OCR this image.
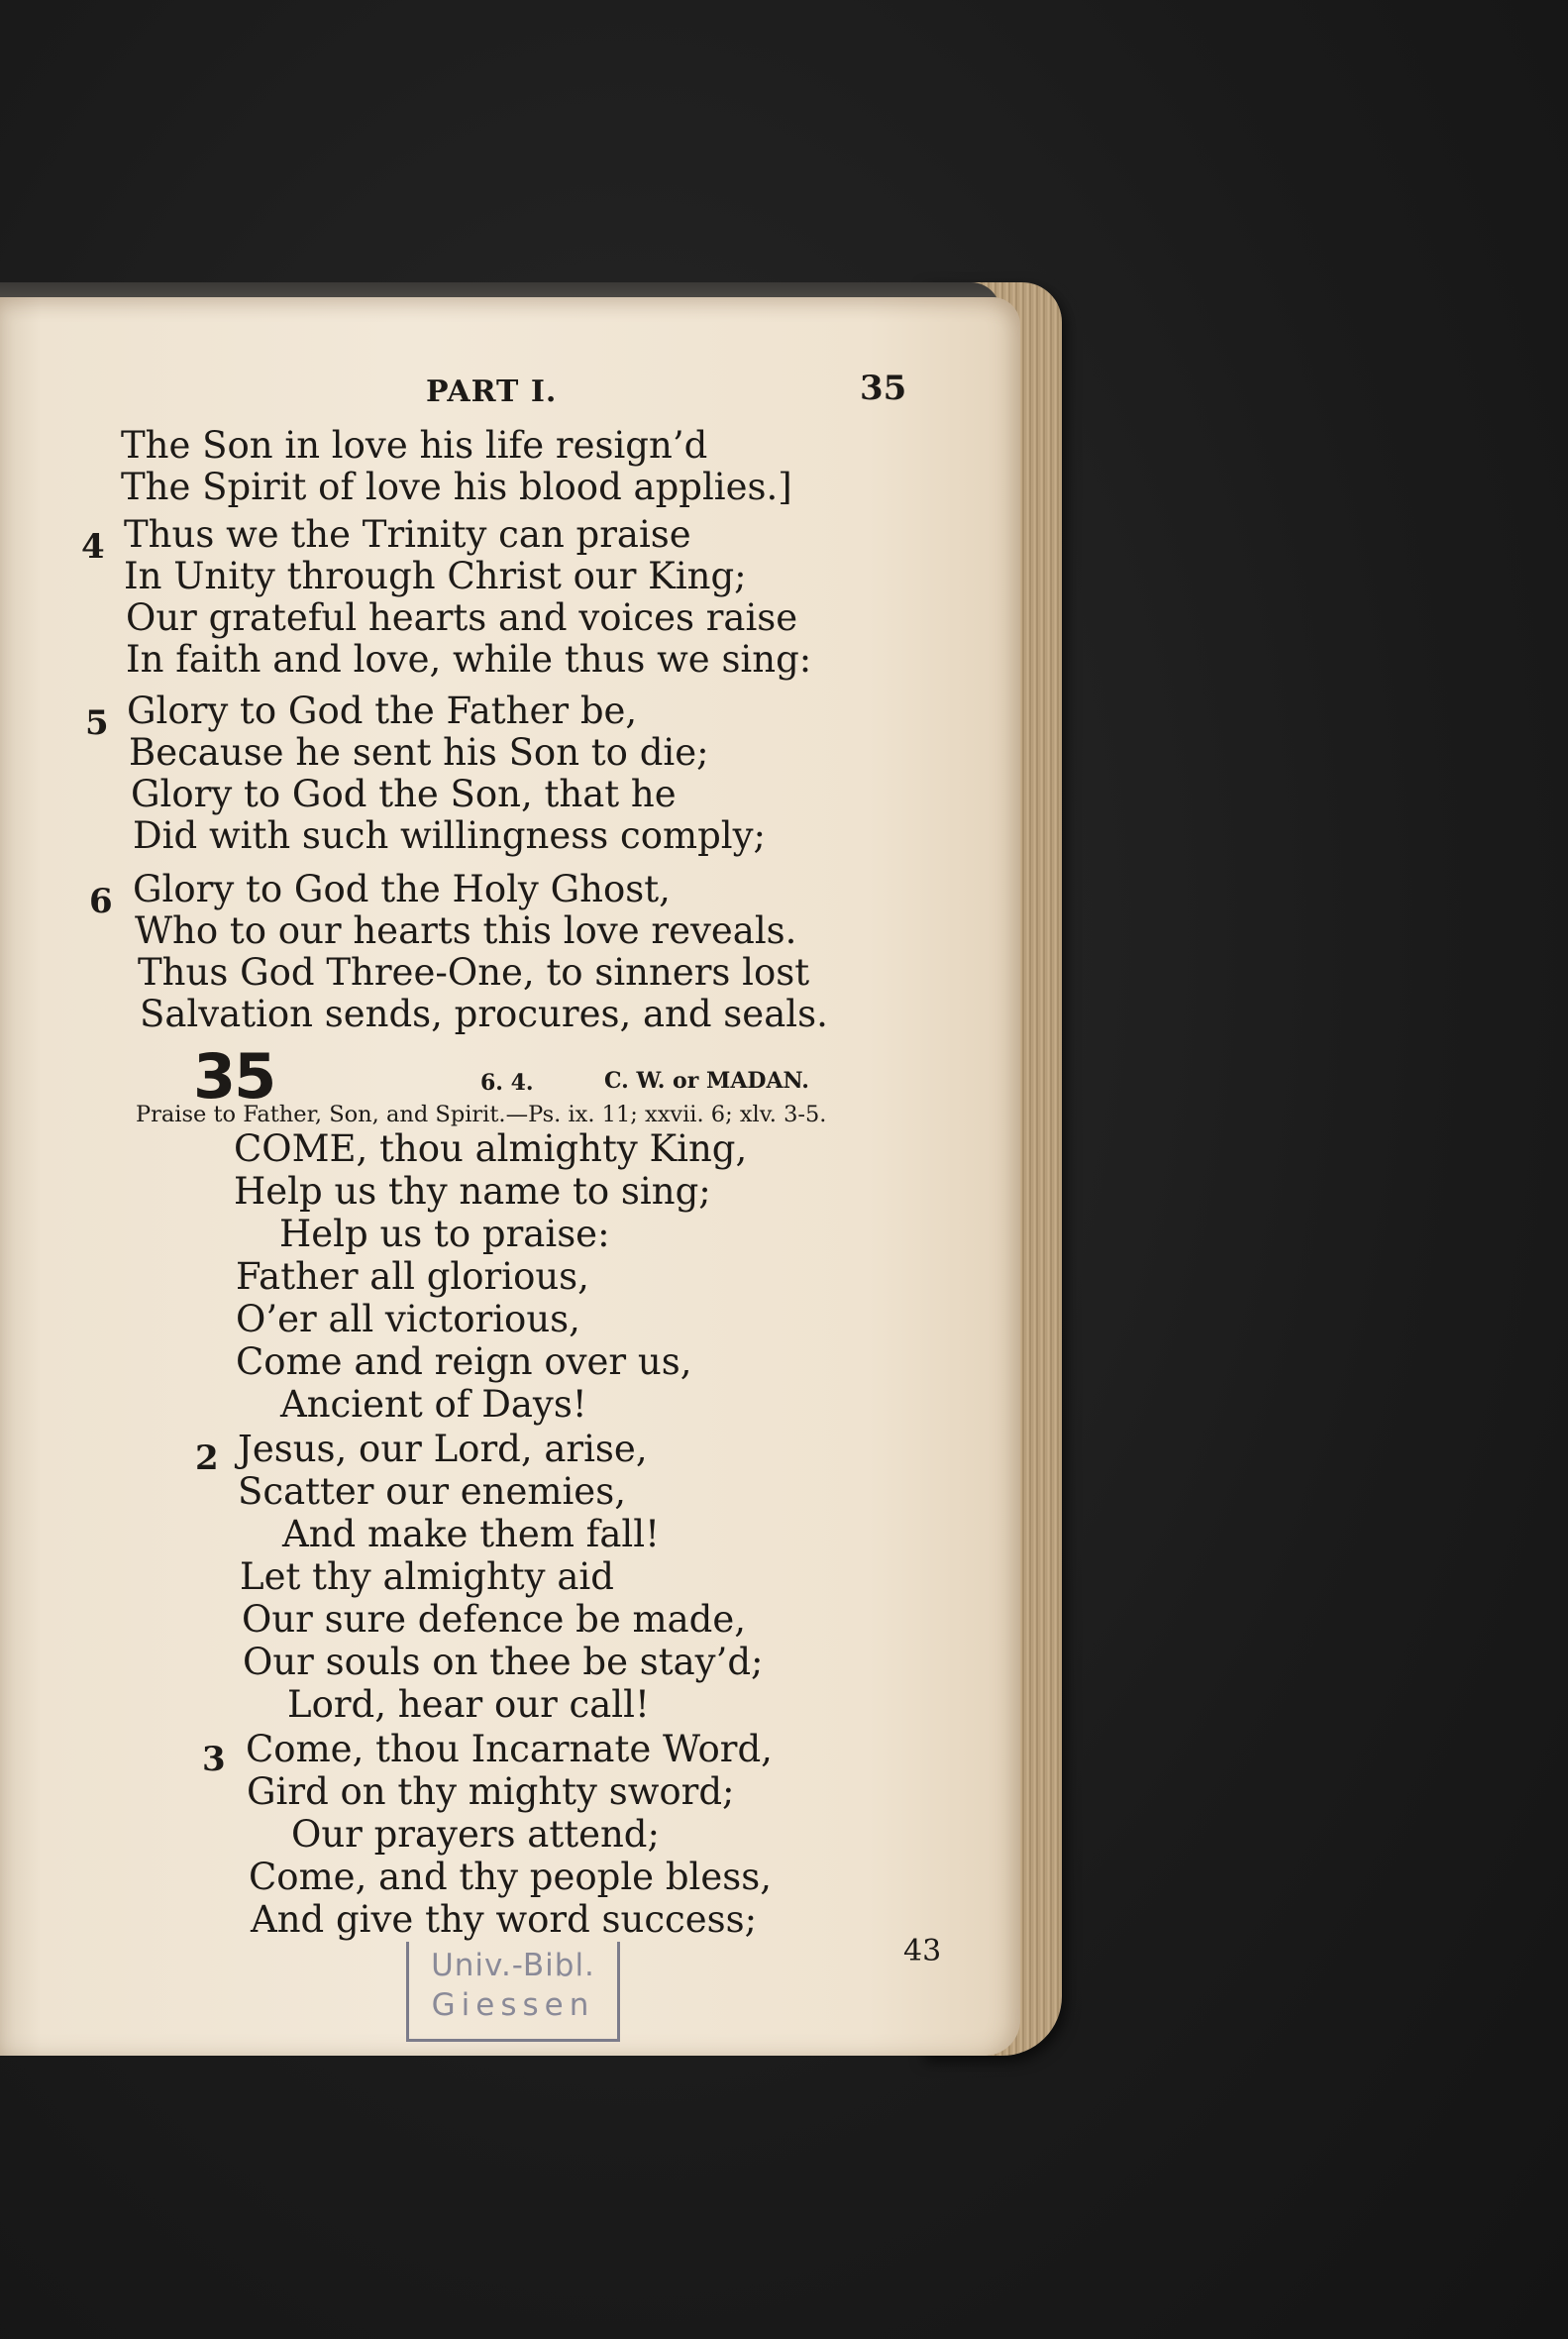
PART I.	35
The Son in love his life resign’d
The Spirit of love his blood applies.]
4 Thus we the Trinity can praise
In Unity through Christ our King;
Our grateful hearts and voices raise
In faith and love, while thus we sing:
5 Glory to God the Father be,
Because he sent his Son to die;
Glory to God the Son, that he
Did with such willingness comply;
6 Glory to God the Holy Ghost,
Who to our hearts this love reveals.
Thus God Three-One, to sinners lost
Salvation sends, procures, and seals.
35	6. 4.	C. W. or MADAN.
Praise to Father, Son, and Spirit.—Ps. ix. 11; xxvii. 6; xlv. 3-5.
COME, thou almighty King,
Help us thy name to sing;
Help us to praise:
Father all glorious,
O’er all victorious,
Come and reign over us,
Ancient of Days!
2 Jesus, our Lord, arise,
Scatter our enemies,
And make them fall!
Let thy almighty aid
Our sure defence be made,
Our souls on thee be stay’d;
Lord, hear our call!
3 Come, thou Incarnate Word,
Gird on thy mighty sword;
Our prayers attend;
Come, and thy people bless,
And give thy word success;
43
Univ.-Bibl.
Giessen
